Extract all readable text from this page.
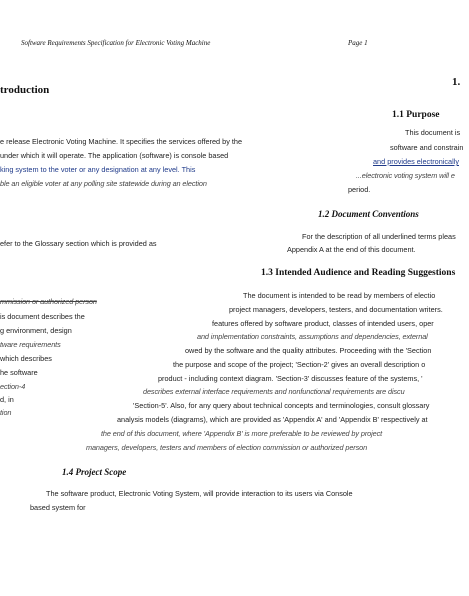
Software Requirements Specification for Electronic Voting Machine	Page 1
troduction
e release Electronic Voting Machine. It specifies the services offered by the
under which it will operate. The application (software) is console based
king system to the voter or any designation at any level. This
ble an eligible voter at any polling site statewide during an election
efer to the Glossary section which is provided as
mmission or authorized person
is document describes the
g environment, design
tware requirements
which describes
he software
ection-4
d, in
tion
1.
1.1 Purpose
This document is
software and constrain
and provides electronically
...electronic voting system will e
period.
1.2 Document Conventions
For the description of all underlined terms pleas
Appendix A at the end of this document.
1.3 Intended Audience and Reading Suggestions
The document is intended to be read by members of electio
project managers, developers, testers, and documentation writers.
features offered by software product, classes of intended users, oper
and implementation constraints, assumptions and dependencies, external
owed by the software and the quality attributes. Proceeding with the 'Section
the purpose and scope of the project; 'Section-2' gives an overall description o
product - including context diagram. 'Section-3' discusses feature of the systems, '
describes external interface requirements and nonfunctional requirements are discu
'Section-5'. Also, for any query about technical concepts and terminologies, consult glossary
analysis models (diagrams), which are provided as 'Appendix A' and 'Appendix B' respectively at
the end of this document, where 'Appendix B' is more preferable to be reviewed by project
managers, developers, testers and members of election commission or authorized person
1.4 Project Scope
The software product, Electronic Voting System, will provide interaction to its users via Console
based system for
